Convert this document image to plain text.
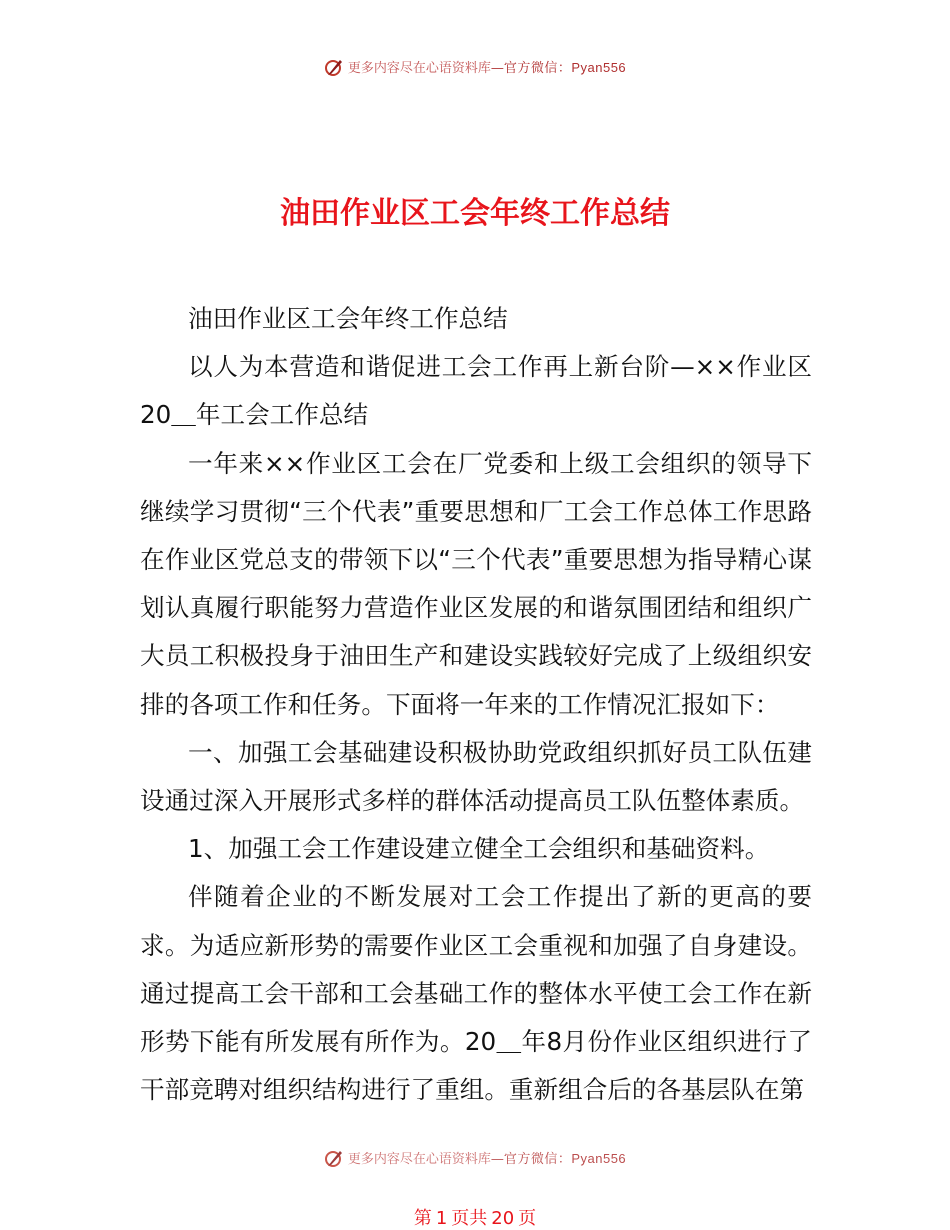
更多内容尽在心语资料库—官方微信：Pyan556
油田作业区工会年终工作总结

油田作业区工会年终工作总结

以人为本营造和谐促进工会工作再上新台阶—××作业区20＿年工会工作总结

一年来××作业区工会在厂党委和上级工会组织的领导下继续学习贯彻“三个代表”重要思想和厂工会工作总体工作思路在作业区党总支的带领下以“三个代表”重要思想为指导精心谋划认真履行职能努力营造作业区发展的和谐氛围团结和组织广大员工积极投身于油田生产和建设实践较好完成了上级组织安排的各项工作和任务。下面将一年来的工作情况汇报如下：

一、加强工会基础建设积极协助党政组织抓好员工队伍建设通过深入开展形式多样的群体活动提高员工队伍整体素质。

1、加强工会工作建设建立健全工会组织和基础资料。

伴随着企业的不断发展对工会工作提出了新的更高的要求。为适应新形势的需要作业区工会重视和加强了自身建设。通过提高工会干部和工会基础工作的整体水平使工会工作在新形势下能有所发展有所作为。20＿年8月份作业区组织进行了干部竞聘对组织结构进行了重组。重新组合后的各基层队在第

更多内容尽在心语资料库—官方微信：Pyan556
第 1 页共 20 页
